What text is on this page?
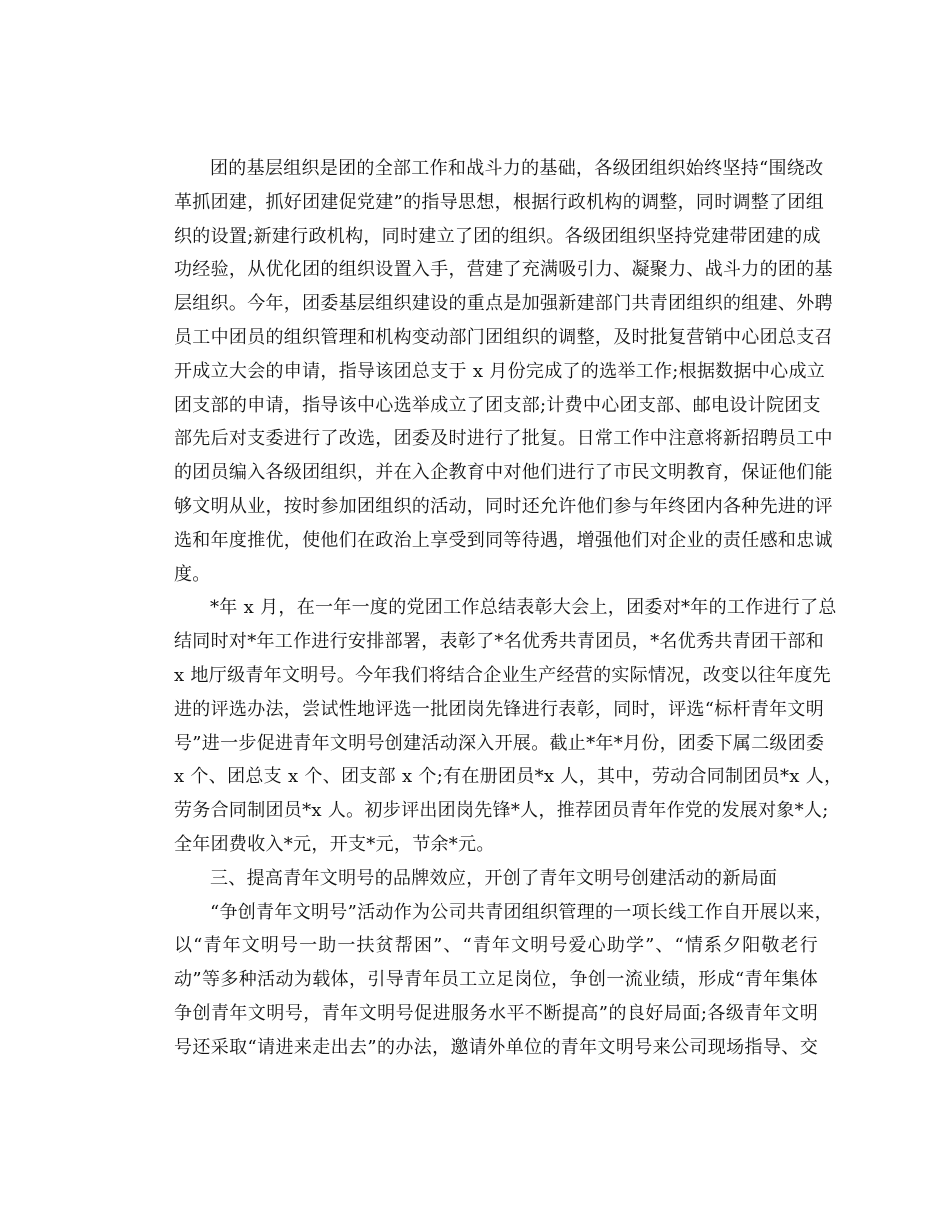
团的基层组织是团的全部工作和战斗力的基础，各级团组织始终坚持“围绕改
革抓团建，抓好团建促党建”的指导思想，根据行政机构的调整，同时调整了团组
织的设置;新建行政机构，同时建立了团的组织。各级团组织坚持党建带团建的成
功经验，从优化团的组织设置入手，营建了充满吸引力、凝聚力、战斗力的团的基
层组织。今年，团委基层组织建设的重点是加强新建部门共青团组织的组建、外聘
员工中团员的组织管理和机构变动部门团组织的调整，及时批复营销中心团总支召
开成立大会的申请，指导该团总支于 x 月份完成了的选举工作;根据数据中心成立
团支部的申请，指导该中心选举成立了团支部;计费中心团支部、邮电设计院团支
部先后对支委进行了改选，团委及时进行了批复。日常工作中注意将新招聘员工中
的团员编入各级团组织，并在入企教育中对他们进行了市民文明教育，保证他们能
够文明从业，按时参加团组织的活动，同时还允许他们参与年终团内各种先进的评
选和年度推优，使他们在政治上享受到同等待遇，增强他们对企业的责任感和忠诚
度。
*年 x 月，在一年一度的党团工作总结表彰大会上，团委对*年的工作进行了总
结同时对*年工作进行安排部署，表彰了*名优秀共青团员，*名优秀共青团干部和
x 地厅级青年文明号。今年我们将结合企业生产经营的实际情况，改变以往年度先
进的评选办法，尝试性地评选一批团岗先锋进行表彰，同时，评选“标杆青年文明
号”进一步促进青年文明号创建活动深入开展。截止*年*月份，团委下属二级团委
x 个、团总支 x 个、团支部 x 个;有在册团员*x 人，其中，劳动合同制团员*x 人，
劳务合同制团员*x 人。初步评出团岗先锋*人，推荐团员青年作党的发展对象*人;
全年团费收入*元，开支*元，节余*元。
三、提高青年文明号的品牌效应，开创了青年文明号创建活动的新局面
“争创青年文明号”活动作为公司共青团组织管理的一项长线工作自开展以来，
以“青年文明号一助一扶贫帮困”、“青年文明号爱心助学”、“情系夕阳敬老行
动”等多种活动为载体，引导青年员工立足岗位，争创一流业绩，形成“青年集体
争创青年文明号，青年文明号促进服务水平不断提高”的良好局面;各级青年文明
号还采取“请进来走出去”的办法，邀请外单位的青年文明号来公司现场指导、交
